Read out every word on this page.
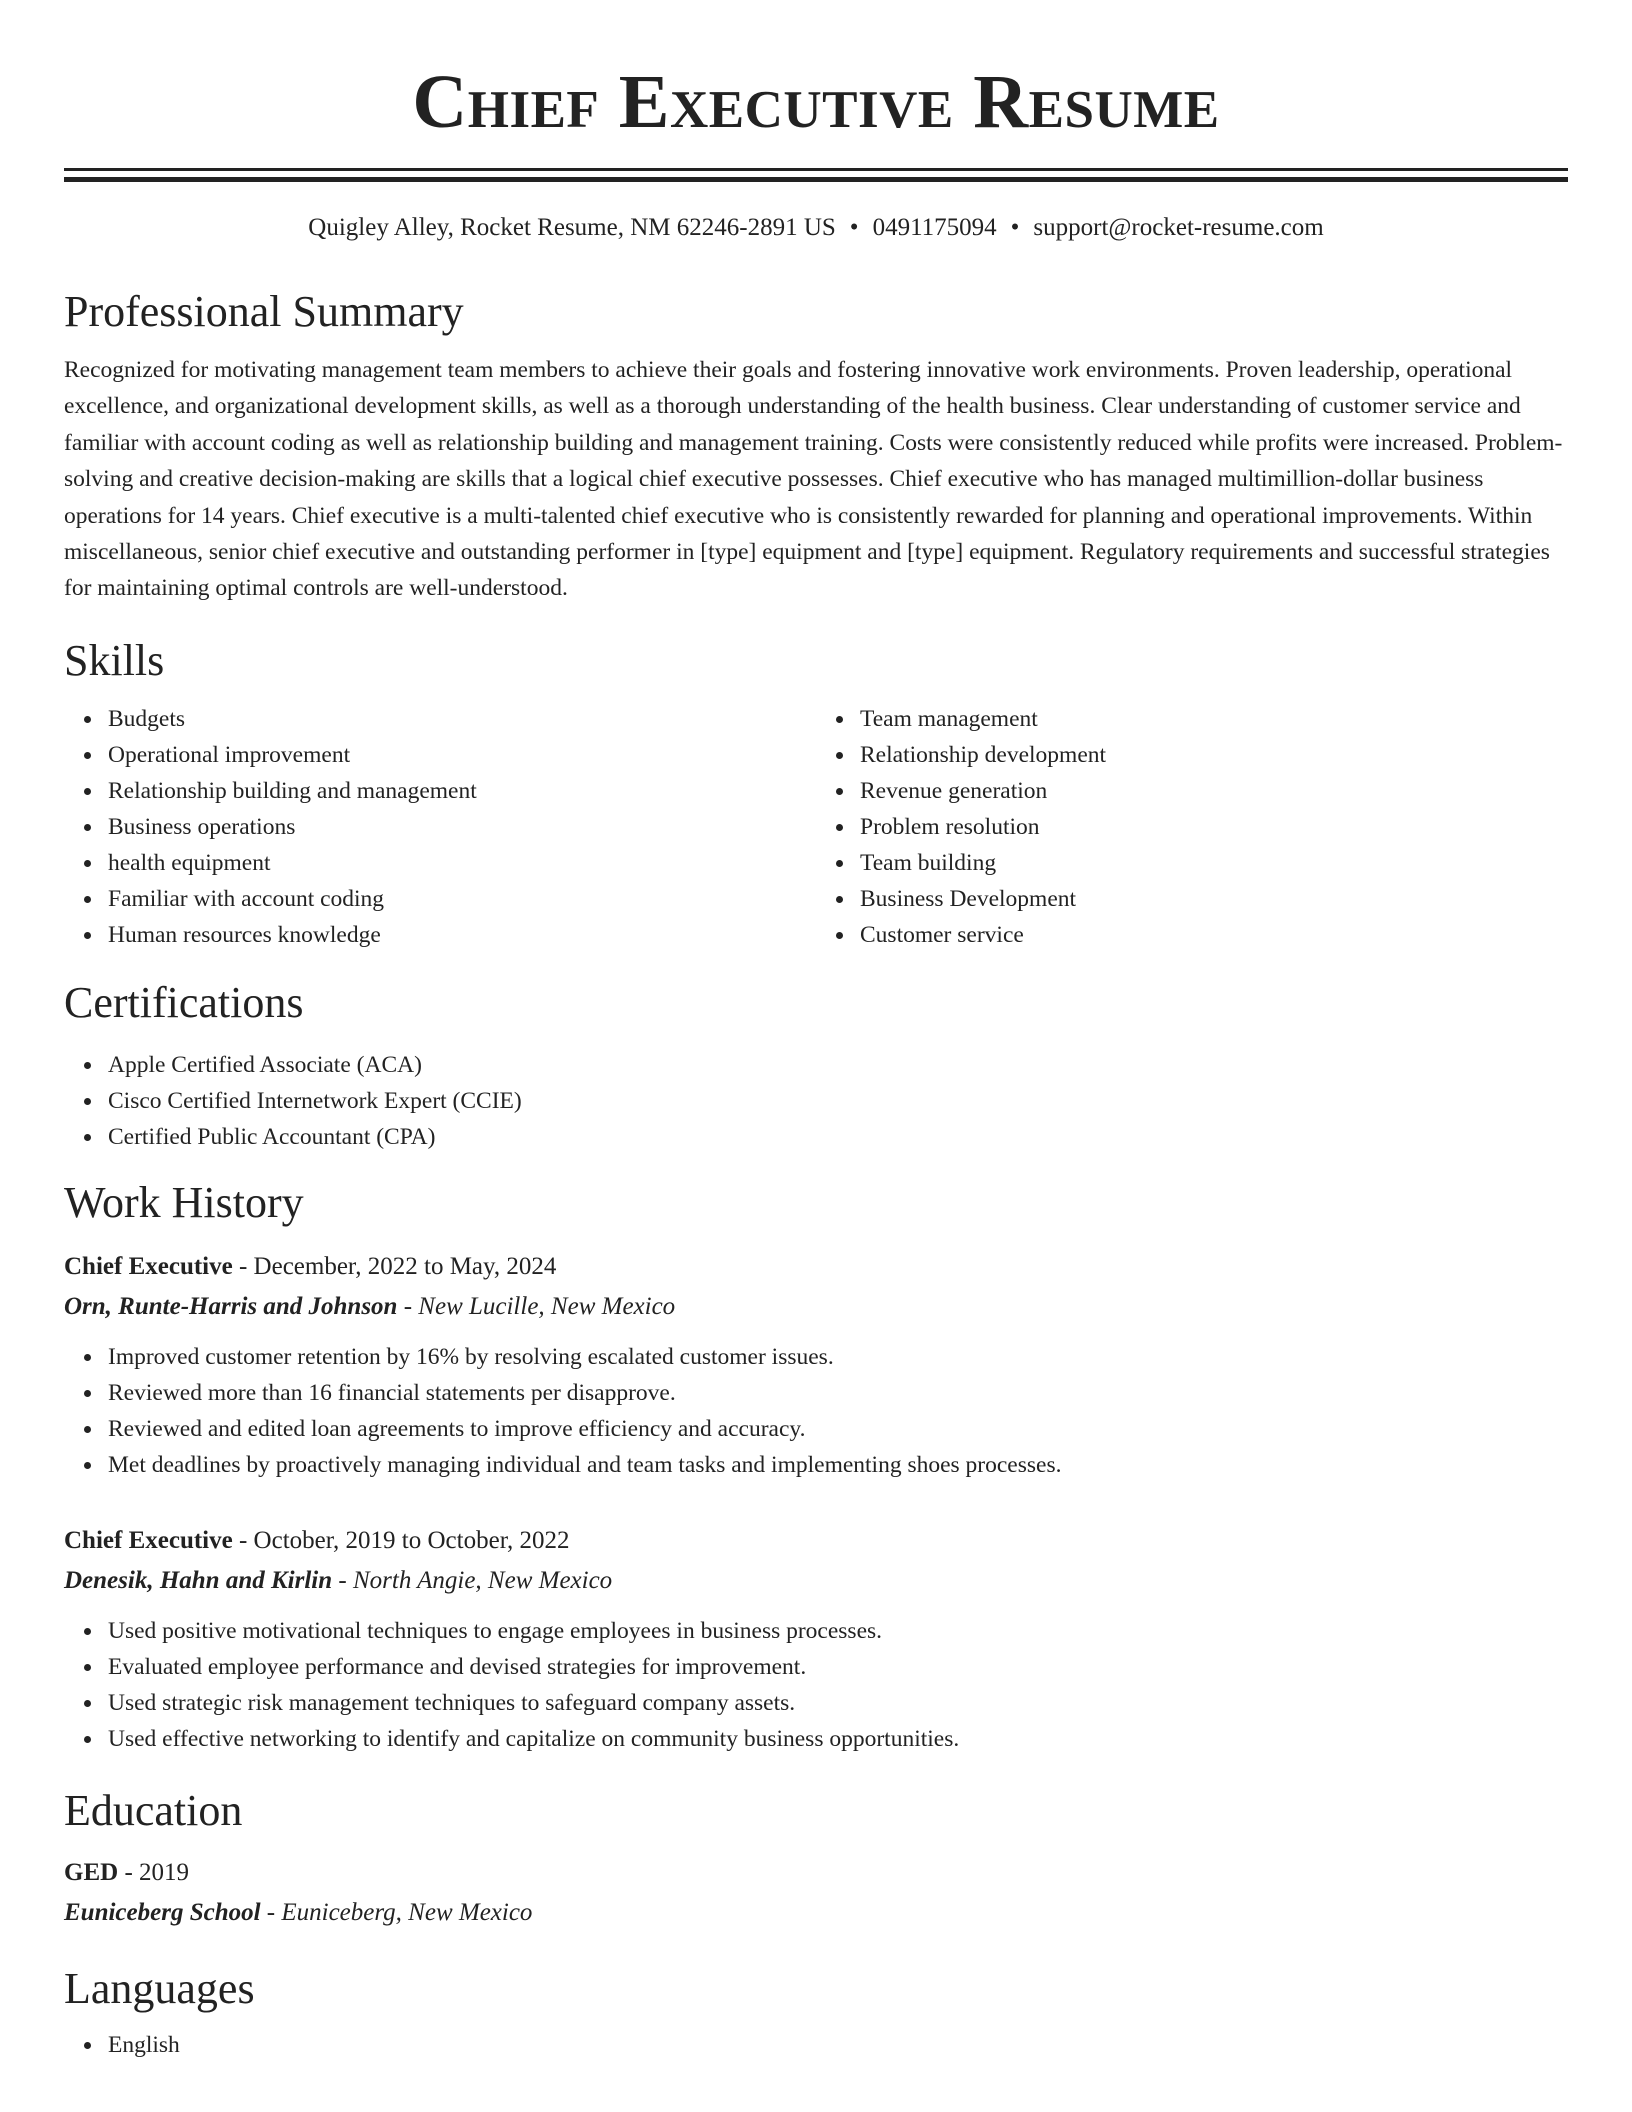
Chief Executive Resume
Quigley Alley, Rocket Resume, NM 62246-2891 US • 0491175094 • support@rocket-resume.com
Professional Summary

Recognized for motivating management team members to achieve their goals and fostering innovative work environments. Proven leadership, operational excellence, and organizational development skills, as well as a thorough understanding of the health business. Clear understanding of customer service and familiar with account coding as well as relationship building and management training. Costs were consistently reduced while profits were increased. Problem-solving and creative decision-making are skills that a logical chief executive possesses. Chief executive who has managed multimillion-dollar business operations for 14 years. Chief executive is a multi-talented chief executive who is consistently rewarded for planning and operational improvements. Within miscellaneous, senior chief executive and outstanding performer in [type] equipment and [type] equipment. Regulatory requirements and successful strategies for maintaining optimal controls are well-understood.

Skills
Budgets
Operational improvement
Relationship building and management
Business operations
health equipment
Familiar with account coding
Human resources knowledge
Team management
Relationship development
Revenue generation
Problem resolution
Team building
Business Development
Customer service
Certifications
Apple Certified Associate (ACA)
Cisco Certified Internetwork Expert (CCIE)
Certified Public Accountant (CPA)
Work History
Chief Executive - December, 2022 to May, 2024
Orn, Runte-Harris and Johnson - New Lucille, New Mexico
Improved customer retention by 16% by resolving escalated customer issues.
Reviewed more than 16 financial statements per disapprove.
Reviewed and edited loan agreements to improve efficiency and accuracy.
Met deadlines by proactively managing individual and team tasks and implementing shoes processes.
Chief Executive - October, 2019 to October, 2022
Denesik, Hahn and Kirlin - North Angie, New Mexico
Used positive motivational techniques to engage employees in business processes.
Evaluated employee performance and devised strategies for improvement.
Used strategic risk management techniques to safeguard company assets.
Used effective networking to identify and capitalize on community business opportunities.
Education
GED - 2019
Euniceberg School - Euniceberg, New Mexico
Languages
English
